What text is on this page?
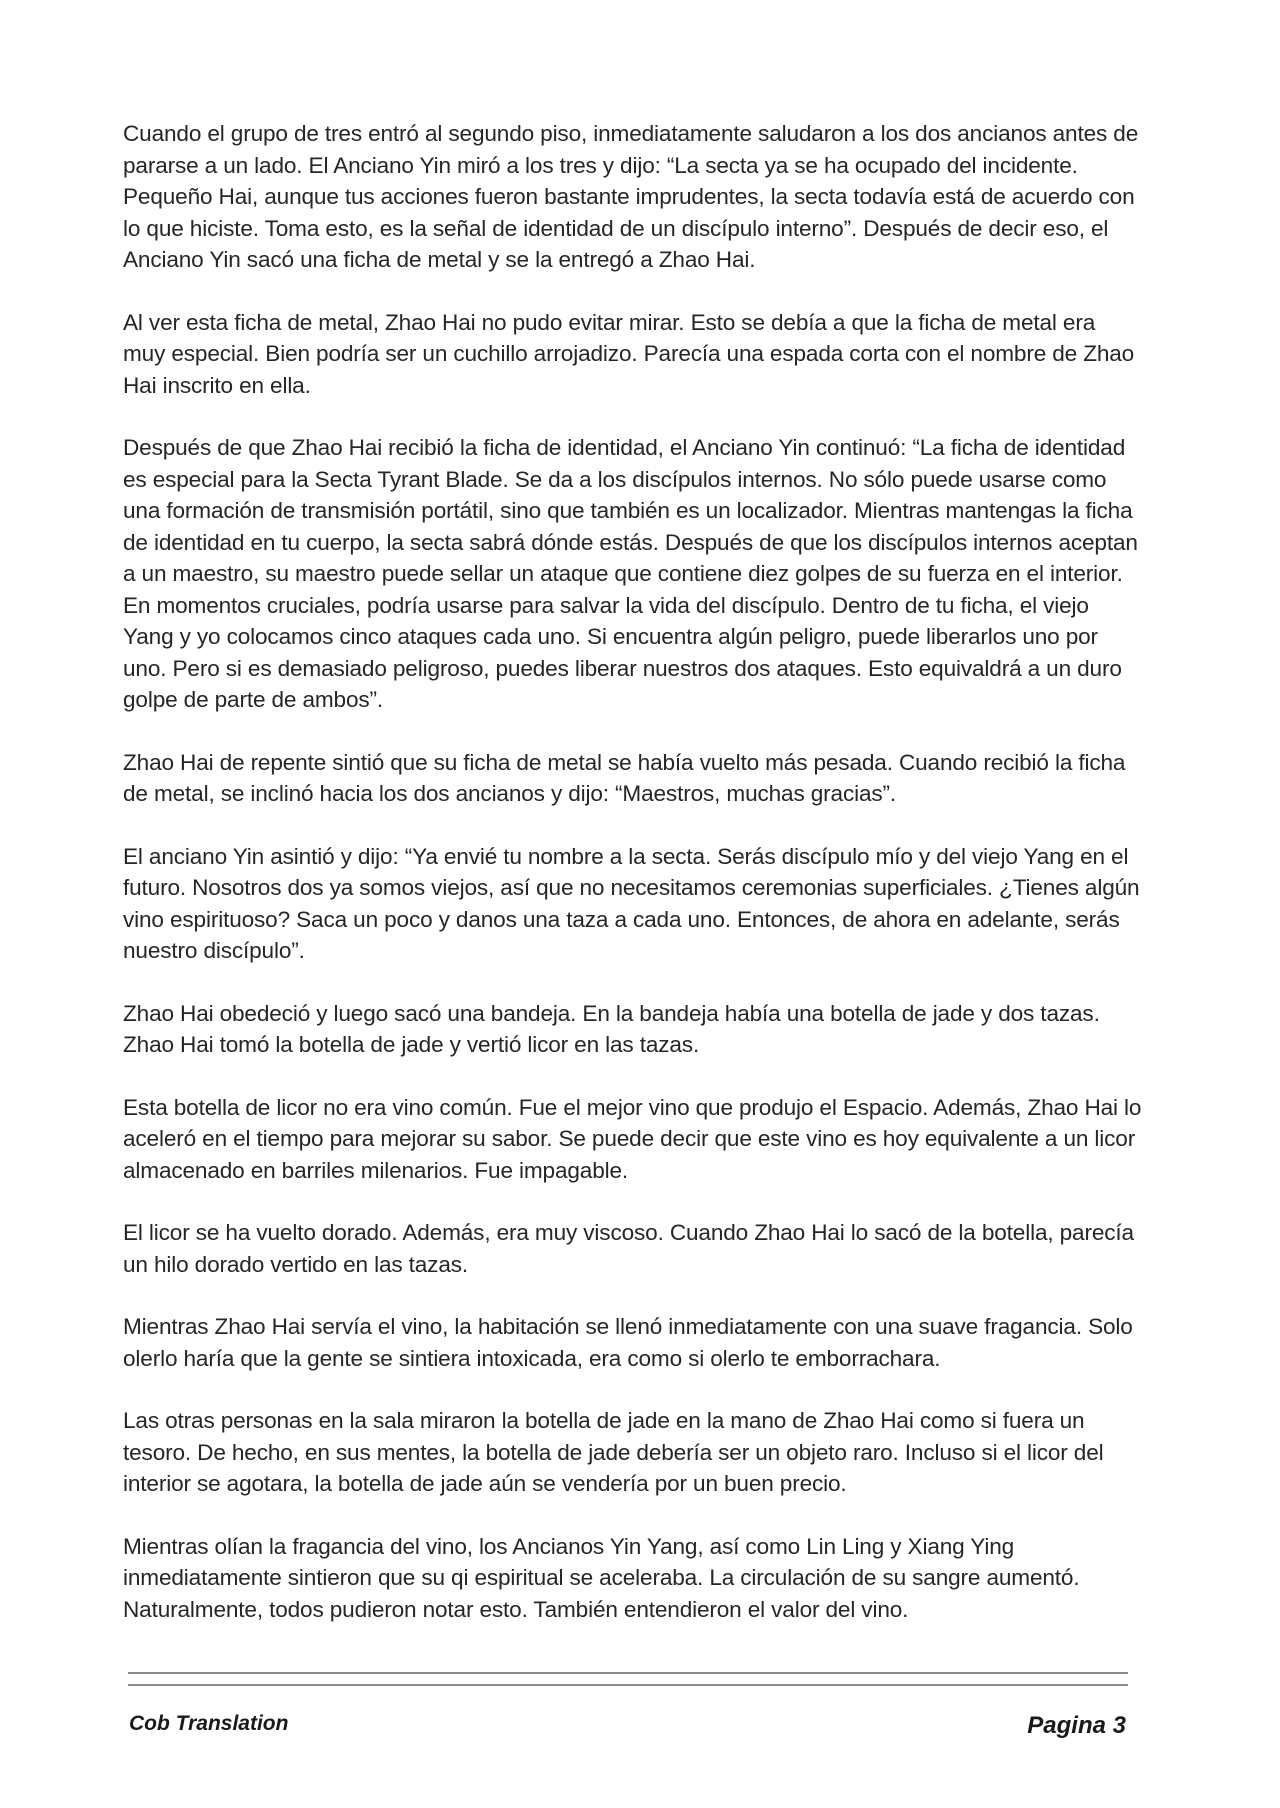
Cuando el grupo de tres entró al segundo piso, inmediatamente saludaron a los dos ancianos antes de pararse a un lado. El Anciano Yin miró a los tres y dijo: “La secta ya se ha ocupado del incidente. Pequeño Hai, aunque tus acciones fueron bastante imprudentes, la secta todavía está de acuerdo con lo que hiciste. Toma esto, es la señal de identidad de un discípulo interno”. Después de decir eso, el Anciano Yin sacó una ficha de metal y se la entregó a Zhao Hai.

Al ver esta ficha de metal, Zhao Hai no pudo evitar mirar. Esto se debía a que la ficha de metal era muy especial. Bien podría ser un cuchillo arrojadizo. Parecía una espada corta con el nombre de Zhao Hai inscrito en ella.

Después de que Zhao Hai recibió la ficha de identidad, el Anciano Yin continuó: “La ficha de identidad es especial para la Secta Tyrant Blade. Se da a los discípulos internos. No sólo puede usarse como una formación de transmisión portátil, sino que también es un localizador. Mientras mantengas la ficha de identidad en tu cuerpo, la secta sabrá dónde estás. Después de que los discípulos internos aceptan a un maestro, su maestro puede sellar un ataque que contiene diez golpes de su fuerza en el interior. En momentos cruciales, podría usarse para salvar la vida del discípulo. Dentro de tu ficha, el viejo Yang y yo colocamos cinco ataques cada uno. Si encuentra algún peligro, puede liberarlos uno por uno. Pero si es demasiado peligroso, puedes liberar nuestros dos ataques. Esto equivaldrá a un duro golpe de parte de ambos”.

Zhao Hai de repente sintió que su ficha de metal se había vuelto más pesada. Cuando recibió la ficha de metal, se inclinó hacia los dos ancianos y dijo: “Maestros, muchas gracias”.

El anciano Yin asintió y dijo: “Ya envié tu nombre a la secta. Serás discípulo mío y del viejo Yang en el futuro. Nosotros dos ya somos viejos, así que no necesitamos ceremonias superficiales. ¿Tienes algún vino espirituoso? Saca un poco y danos una taza a cada uno. Entonces, de ahora en adelante, serás nuestro discípulo”.

Zhao Hai obedeció y luego sacó una bandeja. En la bandeja había una botella de jade y dos tazas. Zhao Hai tomó la botella de jade y vertió licor en las tazas.

Esta botella de licor no era vino común. Fue el mejor vino que produjo el Espacio. Además, Zhao Hai lo aceleró en el tiempo para mejorar su sabor. Se puede decir que este vino es hoy equivalente a un licor almacenado en barriles milenarios. Fue impagable.

El licor se ha vuelto dorado. Además, era muy viscoso. Cuando Zhao Hai lo sacó de la botella, parecía un hilo dorado vertido en las tazas.

Mientras Zhao Hai servía el vino, la habitación se llenó inmediatamente con una suave fragancia. Solo olerlo haría que la gente se sintiera intoxicada, era como si olerlo te emborrachara.

Las otras personas en la sala miraron la botella de jade en la mano de Zhao Hai como si fuera un tesoro. De hecho, en sus mentes, la botella de jade debería ser un objeto raro. Incluso si el licor del interior se agotara, la botella de jade aún se vendería por un buen precio.

Mientras olían la fragancia del vino, los Ancianos Yin Yang, así como Lin Ling y Xiang Ying inmediatamente sintieron que su qi espiritual se aceleraba. La circulación de su sangre aumentó. Naturalmente, todos pudieron notar esto. También entendieron el valor del vino.

Cob Translation	Pagina 3
